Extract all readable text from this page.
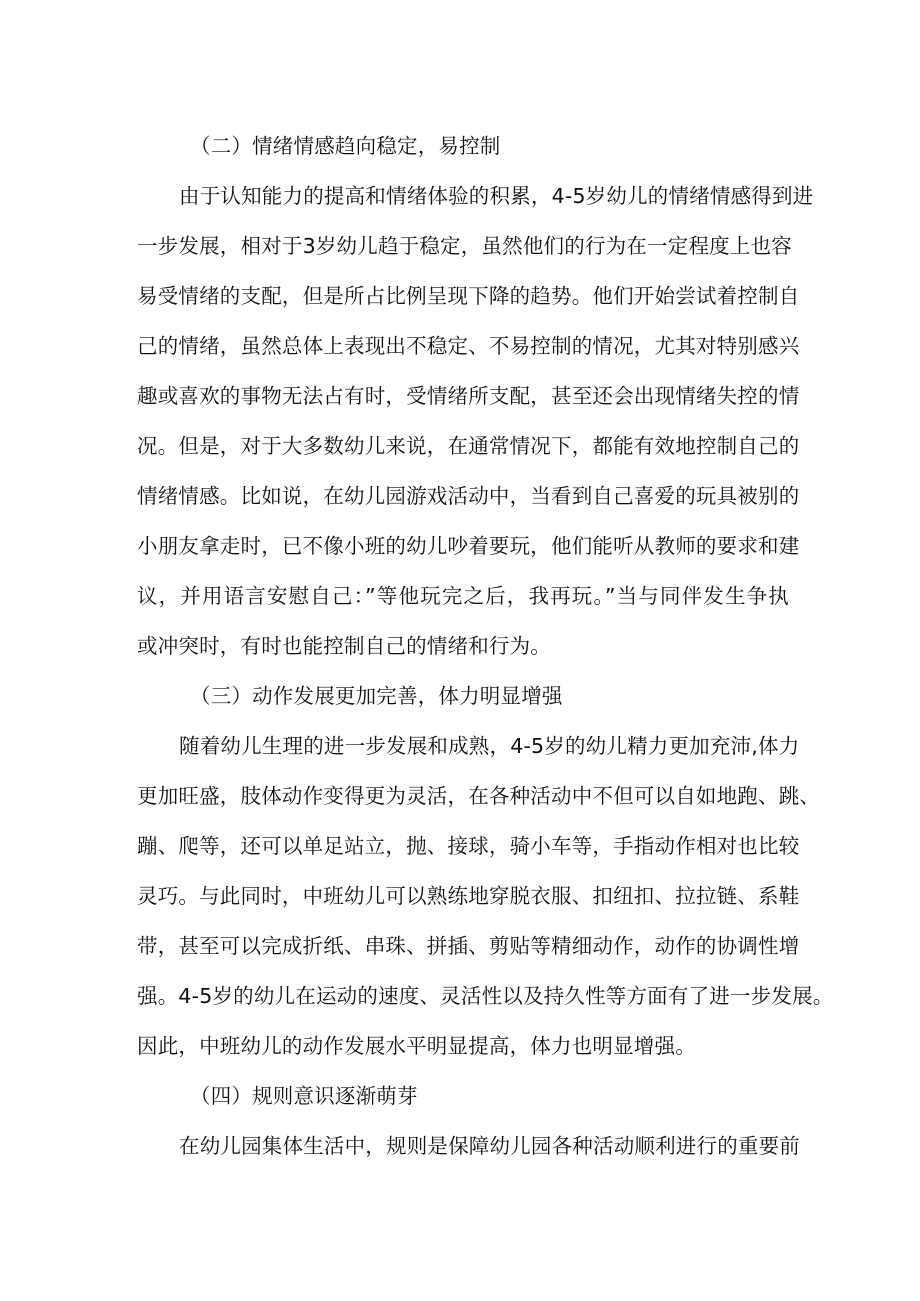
（二）情绪情感趋向稳定，易控制
由于认知能力的提高和情绪体验的积累，4-5岁幼儿的情绪情感得到进
一步发展，相对于3岁幼儿趋于稳定，虽然他们的行为在一定程度上也容
易受情绪的支配，但是所占比例呈现下降的趋势。他们开始尝试着控制自
己的情绪，虽然总体上表现出不稳定、不易控制的情况，尤其对特别感兴
趣或喜欢的事物无法占有时，受情绪所支配，甚至还会出现情绪失控的情
况。但是，对于大多数幼儿来说，在通常情况下，都能有效地控制自己的
情绪情感。比如说，在幼儿园游戏活动中，当看到自己喜爱的玩具被别的
小朋友拿走时，已不像小班的幼儿吵着要玩，他们能听从教师的要求和建
议，并用语言安慰自己：”等他玩完之后，我再玩。”当与同伴发生争执
或冲突时，有时也能控制自己的情绪和行为。
（三）动作发展更加完善，体力明显增强
随着幼儿生理的进一步发展和成熟，4-5岁的幼儿精力更加充沛,体力
更加旺盛，肢体动作变得更为灵活，在各种活动中不但可以自如地跑、跳、
蹦、爬等，还可以单足站立，抛、接球，骑小车等，手指动作相对也比较
灵巧。与此同时，中班幼儿可以熟练地穿脱衣服、扣纽扣、拉拉链、系鞋
带，甚至可以完成折纸、串珠、拼插、剪贴等精细动作，动作的协调性增
强。4-5岁的幼儿在运动的速度、灵活性以及持久性等方面有了进一步发展。
因此，中班幼儿的动作发展水平明显提高，体力也明显增强。
（四）规则意识逐渐萌芽
在幼儿园集体生活中，规则是保障幼儿园各种活动顺利进行的重要前
